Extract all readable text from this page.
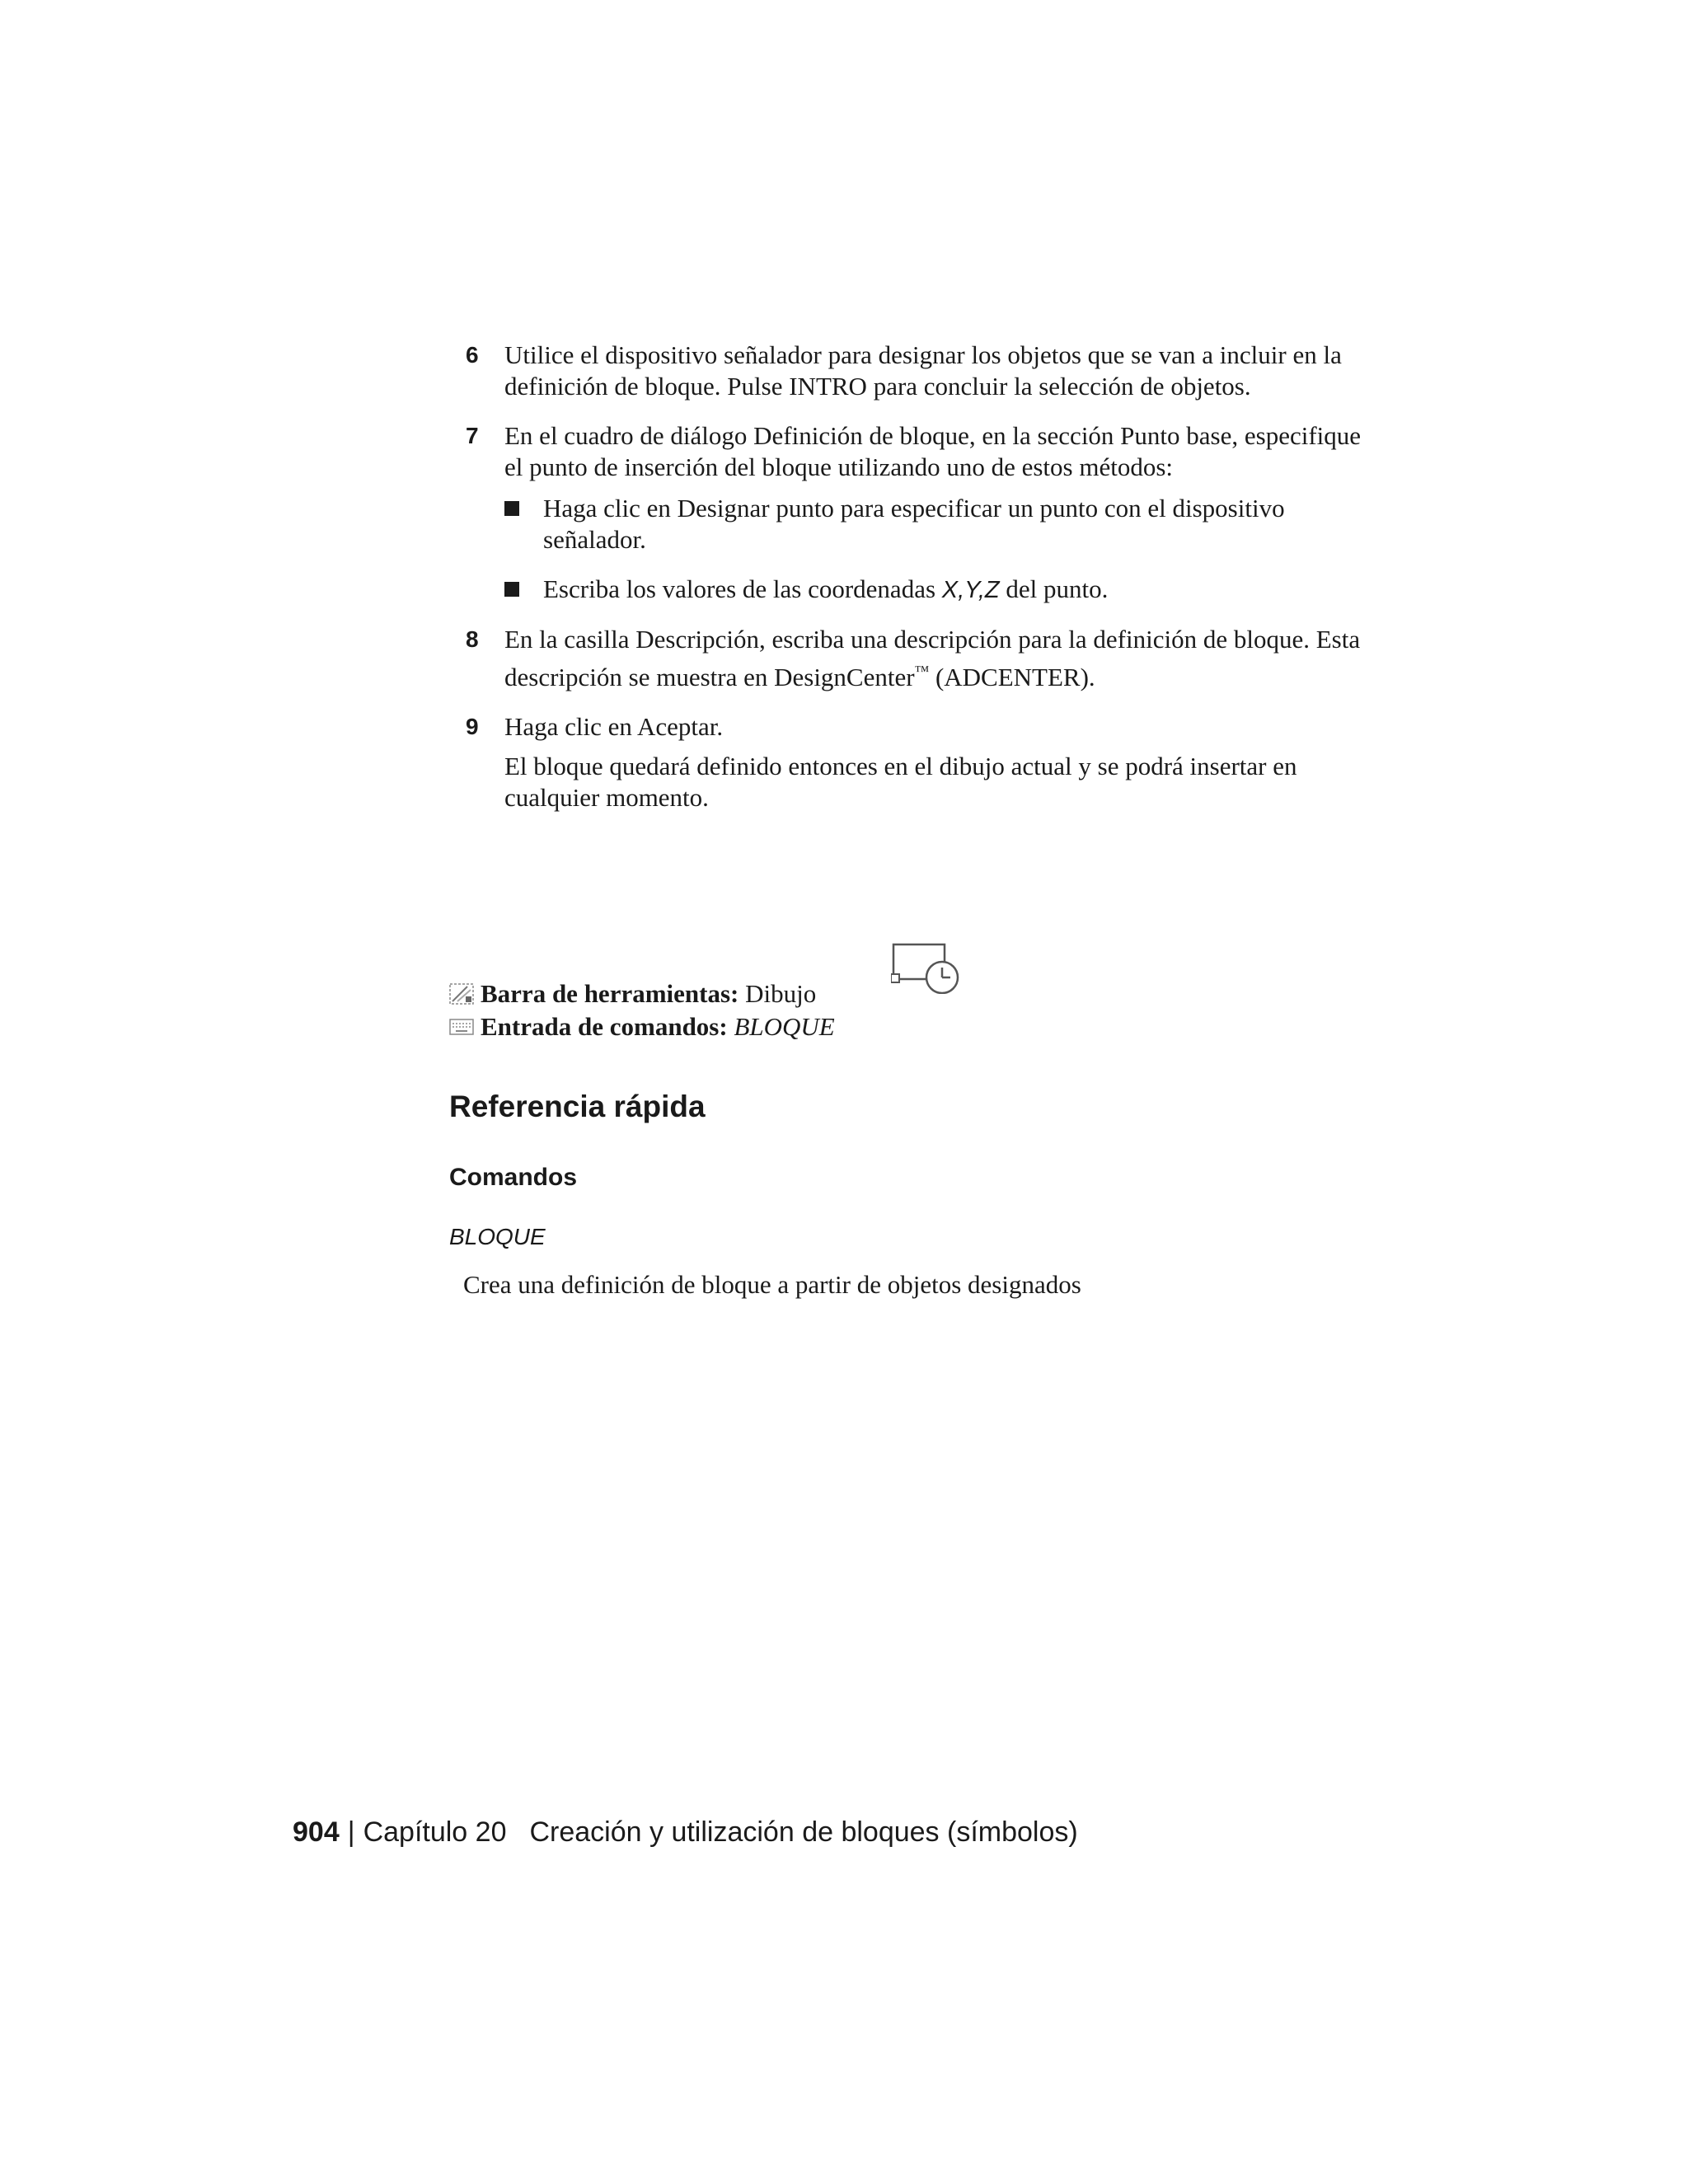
6 Utilice el dispositivo señalador para designar los objetos que se van a incluir en la definición de bloque. Pulse INTRO para concluir la selección de objetos.
7 En el cuadro de diálogo Definición de bloque, en la sección Punto base, especifique el punto de inserción del bloque utilizando uno de estos métodos:
Haga clic en Designar punto para especificar un punto con el dispositivo señalador.
Escriba los valores de las coordenadas X,Y,Z del punto.
8 En la casilla Descripción, escriba una descripción para la definición de bloque. Esta descripción se muestra en DesignCenter™ (ADCENTER).
9 Haga clic en Aceptar.
El bloque quedará definido entonces en el dibujo actual y se podrá insertar en cualquier momento.
Barra de herramientas:
Dibujo
Entrada de comandos:
BLOQUE
Referencia rápida
Comandos
BLOQUE
Crea una definición de bloque a partir de objetos designados
904 | Capítulo 20 Creación y utilización de bloques (símbolos)
